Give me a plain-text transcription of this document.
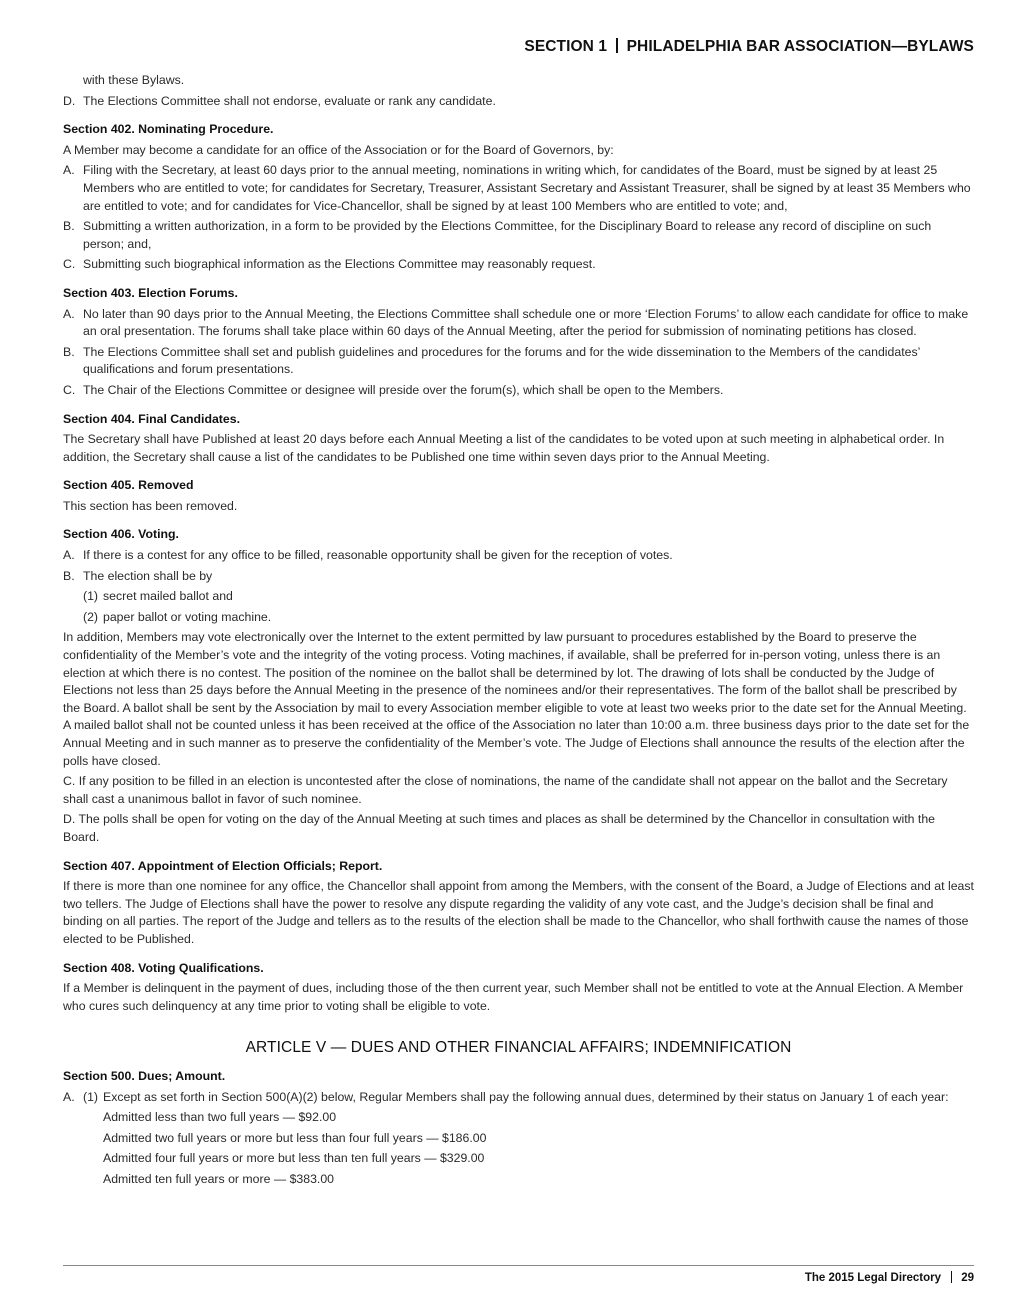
SECTION 1 PHILADELPHIA BAR ASSOCIATION—BYLAWS

with these Bylaws.

D. The Elections Committee shall not endorse, evaluate or rank any candidate.

Section 402. Nominating Procedure.

A Member may become a candidate for an office of the Association or for the Board of Governors, by:

A. Filing with the Secretary, at least 60 days prior to the annual meeting, nominations in writing which, for candidates of the Board, must be signed by at least 25 Members who are entitled to vote; for candidates for Secretary, Treasurer, Assistant Secretary and Assistant Treasurer, shall be signed by at least 35 Members who are entitled to vote; and for candidates for Vice-Chancellor, shall be signed by at least 100 Members who are entitled to vote; and,
B. Submitting a written authorization, in a form to be provided by the Elections Committee, for the Disciplinary Board to release any record of discipline on such person; and,
C. Submitting such biographical information as the Elections Committee may reasonably request.

Section 403. Election Forums.

A. No later than 90 days prior to the Annual Meeting, the Elections Committee shall schedule one or more ‘Election Forums’ to allow each candidate for office to make an oral presentation. The forums shall take place within 60 days of the Annual Meeting, after the period for submission of nominating petitions has closed.
B. The Elections Committee shall set and publish guidelines and procedures for the forums and for the wide dissemination to the Members of the candidates’ qualifications and forum presentations.
C. The Chair of the Elections Committee or designee will preside over the forum(s), which shall be open to the Members.

Section 404. Final Candidates.

The Secretary shall have Published at least 20 days before each Annual Meeting a list of the candidates to be voted upon at such meeting in alphabetical order. In addition, the Secretary shall cause a list of the candidates to be Published one time within seven days prior to the Annual Meeting.

Section 405. Removed

This section has been removed.

Section 406. Voting.

A. If there is a contest for any office to be filled, reasonable opportunity shall be given for the reception of votes.
B. The election shall be by
(1) secret mailed ballot and
(2) paper ballot or voting machine.

In addition, Members may vote electronically over the Internet to the extent permitted by law pursuant to procedures established by the Board to preserve the confidentiality of the Member’s vote and the integrity of the voting process. Voting machines, if available, shall be preferred for in-person voting, unless there is an election at which there is no contest. The position of the nominee on the ballot shall be determined by lot. The drawing of lots shall be conducted by the Judge of Elections not less than 25 days before the Annual Meeting in the presence of the nominees and/or their representatives. The form of the ballot shall be prescribed by the Board. A ballot shall be sent by the Association by mail to every Association member eligible to vote at least two weeks prior to the date set for the Annual Meeting. A mailed ballot shall not be counted unless it has been received at the office of the Association no later than 10:00 a.m. three business days prior to the date set for the Annual Meeting and in such manner as to preserve the confidentiality of the Member’s vote. The Judge of Elections shall announce the results of the election after the polls have closed.

C. If any position to be filled in an election is uncontested after the close of nominations, the name of the candidate shall not appear on the ballot and the Secretary shall cast a unanimous ballot in favor of such nominee.

D. The polls shall be open for voting on the day of the Annual Meeting at such times and places as shall be determined by the Chancellor in consultation with the Board.

Section 407. Appointment of Election Officials; Report.

If there is more than one nominee for any office, the Chancellor shall appoint from among the Members, with the consent of the Board, a Judge of Elections and at least two tellers. The Judge of Elections shall have the power to resolve any dispute regarding the validity of any vote cast, and the Judge’s decision shall be final and binding on all parties. The report of the Judge and tellers as to the results of the election shall be made to the Chancellor, who shall forthwith cause the names of those elected to be Published.

Section 408. Voting Qualifications.

If a Member is delinquent in the payment of dues, including those of the then current year, such Member shall not be entitled to vote at the Annual Election. A Member who cures such delinquency at any time prior to voting shall be eligible to vote.

ARTICLE V — DUES AND OTHER FINANCIAL AFFAIRS; INDEMNIFICATION

Section 500. Dues; Amount.

A. (1) Except as set forth in Section 500(A)(2) below, Regular Members shall pay the following annual dues, determined by their status on January 1 of each year:

Admitted less than two full years — $92.00

Admitted two full years or more but less than four full years — $186.00

Admitted four full years or more but less than ten full years — $329.00

Admitted ten full years or more — $383.00

The 2015 Legal Directory 29
